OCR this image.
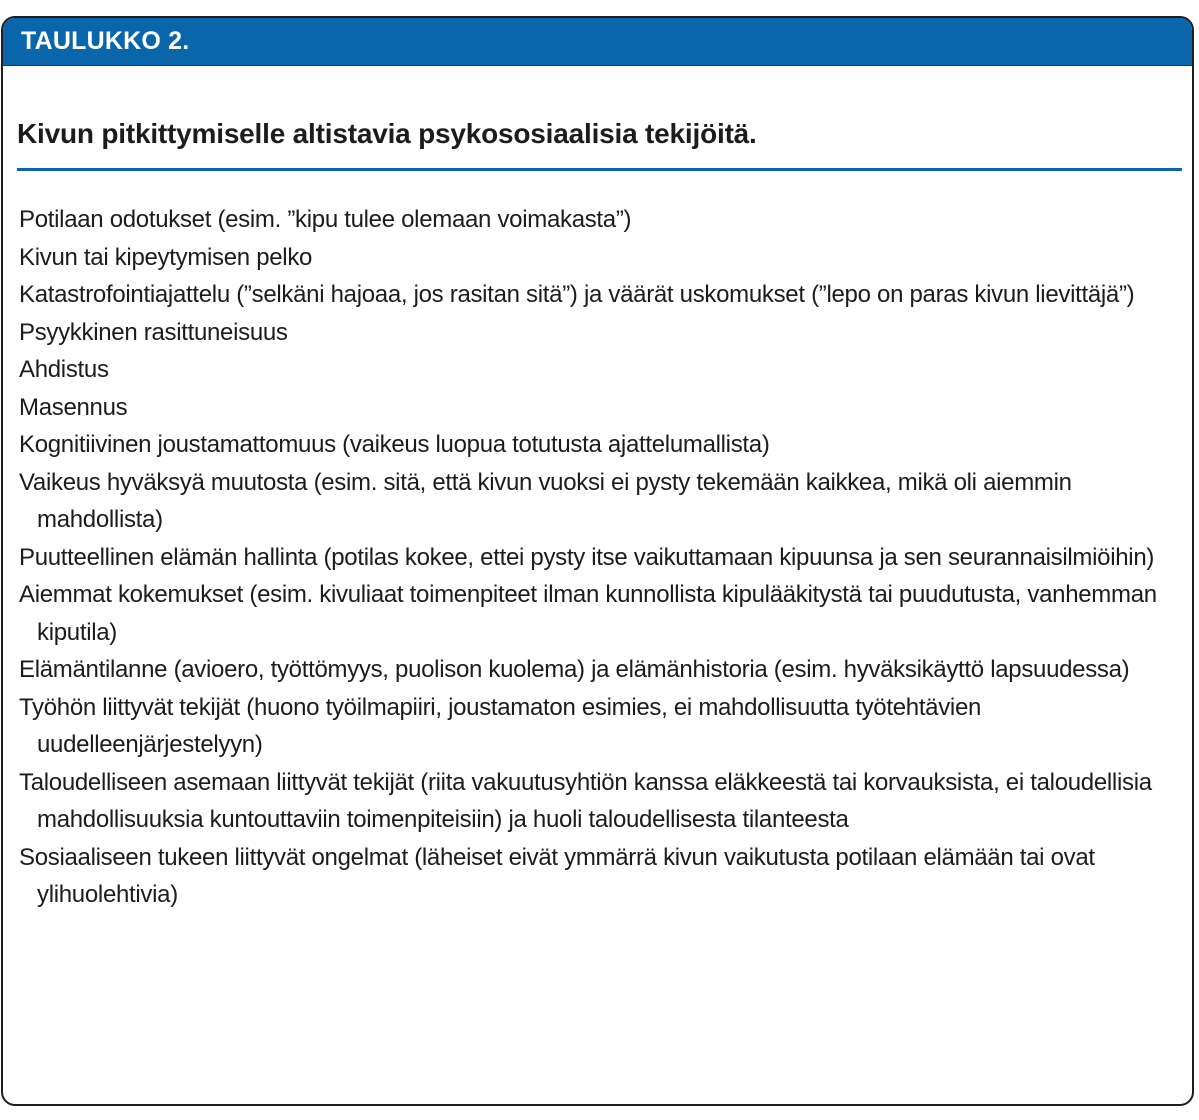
TAULUKKO 2.
Kivun pitkittymiselle altistavia psykososiaalisia tekijöitä.
Potilaan odotukset (esim. ”kipu tulee olemaan voimakasta”)
Kivun tai kipeytymisen pelko
Katastrofointiajattelu (”selkäni hajoaa, jos rasitan sitä”) ja väärät uskomukset (”lepo on paras kivun lievittäjä”)
Psyykkinen rasittuneisuus
Ahdistus
Masennus
Kognitiivinen joustamattomuus (vaikeus luopua totutusta ajattelumallista)
Vaikeus hyväksyä muutosta (esim. sitä, että kivun vuoksi ei pysty tekemään kaikkea, mikä oli aiemmin mahdollista)
Puutteellinen elämän hallinta (potilas kokee, ettei pysty itse vaikuttamaan kipuunsa ja sen seurannaisilmiöihin)
Aiemmat kokemukset (esim. kivuliaat toimenpiteet ilman kunnollista kipulääkitystä tai puudutusta, vanhemman kiputila)
Elämäntilanne (avioero, työttömyys, puolison kuolema) ja elämänhistoria (esim. hyväksikäyttö lapsuudessa)
Työhön liittyvät tekijät (huono työilmapiiri, joustamaton esimies, ei mahdollisuutta työtehtävien uudelleenjärjestelyyn)
Taloudelliseen asemaan liittyvät tekijät (riita vakuutusyhtiön kanssa eläkkeestä tai korvauksista, ei taloudellisia mahdollisuuksia kuntouttaviin toimenpiteisiin) ja huoli taloudellisesta tilanteesta
Sosiaaliseen tukeen liittyvät ongelmat (läheiset eivät ymmärrä kivun vaikutusta potilaan elämään tai ovat ylihuolehtivia)
